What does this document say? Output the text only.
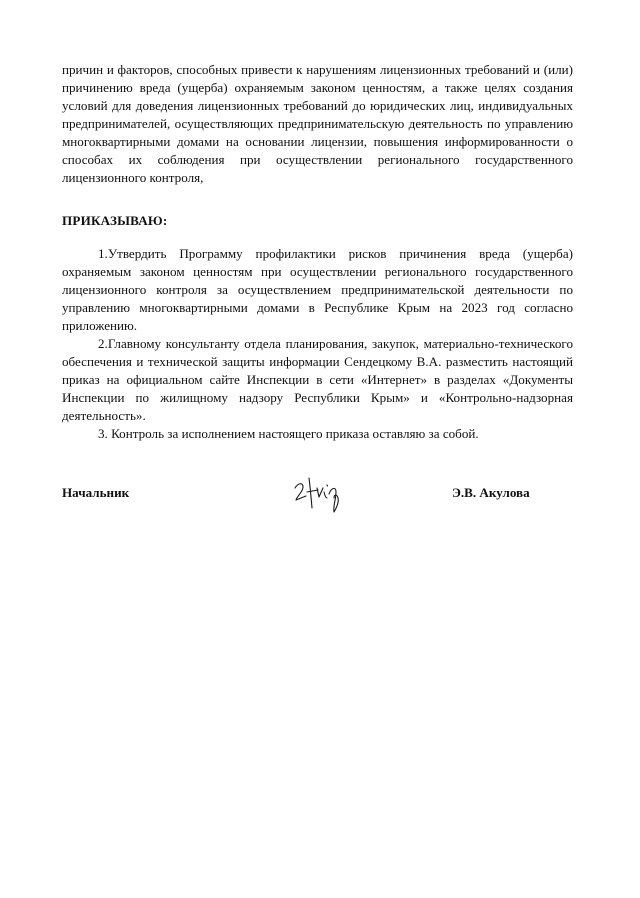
причин и факторов, способных привести к нарушениям лицензионных требований и (или) причинению вреда (ущерба) охраняемым законом ценностям, а также целях создания условий для доведения лицензионных требований до юридических лиц, индивидуальных предпринимателей, осуществляющих предпринимательскую деятельность по управлению многоквартирными домами на основании лицензии, повышения информированности о способах их соблюдения при осуществлении регионального государственного лицензионного контроля,

ПРИКАЗЫВАЮ:

1.Утвердить Программу профилактики рисков причинения вреда (ущерба) охраняемым законом ценностям при осуществлении регионального государственного лицензионного контроля за осуществлением предпринимательской деятельности по управлению многоквартирными домами в Республике Крым на 2023 год согласно приложению.

2.Главному консультанту отдела планирования, закупок, материально-технического обеспечения и технической защиты информации Сендецкому В.А. разместить настоящий приказ на официальном сайте Инспекции в сети «Интернет» в разделах «Документы Инспекции по жилищному надзору Республики Крым» и «Контрольно-надзорная деятельность».

3. Контроль за исполнением настоящего приказа оставляю за собой.

Начальник	Э.В. Акулова
